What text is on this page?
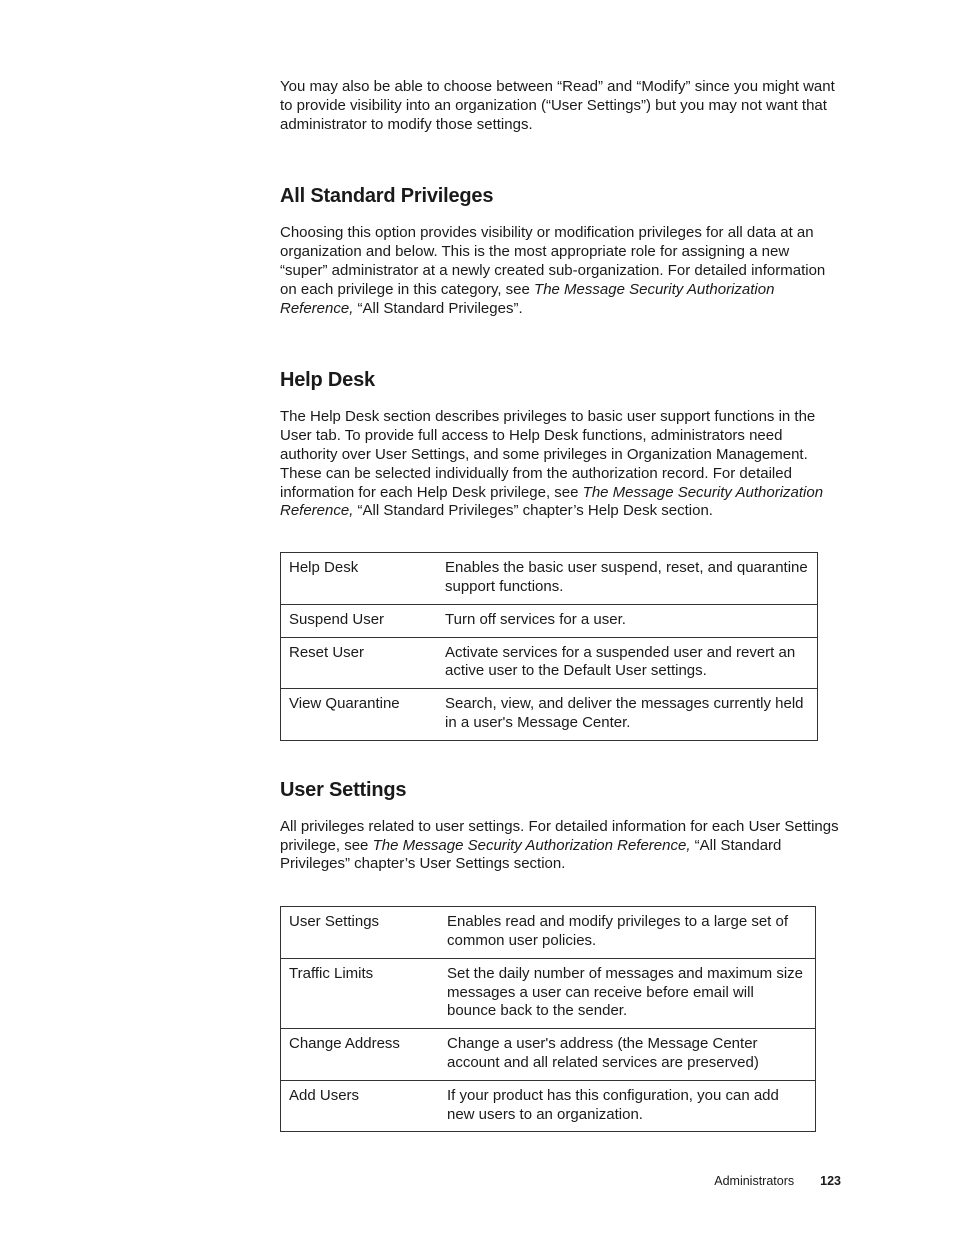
You may also be able to choose between “Read” and “Modify” since you might want to provide visibility into an organization (“User Settings”) but you may not want that administrator to modify those settings.

All Standard Privileges

Choosing this option provides visibility or modification privileges for all data at an organization and below. This is the most appropriate role for assigning a new “super” administrator at a newly created sub-organization. For detailed information on each privilege in this category, see The Message Security Authorization Reference, “All Standard Privileges”.

Help Desk

The Help Desk section describes privileges to basic user support functions in the User tab. To provide full access to Help Desk functions, administrators need authority over User Settings, and some privileges in Organization Management. These can be selected individually from the authorization record. For detailed information for each Help Desk privilege, see The Message Security Authorization Reference, “All Standard Privileges” chapter’s Help Desk section.

Help Desk	Enables the basic user suspend, reset, and quarantine support functions.
Suspend User	Turn off services for a user.
Reset User	Activate services for a suspended user and revert an active user to the Default User settings.
View Quarantine	Search, view, and deliver the messages currently held in a user's Message Center.
User Settings

All privileges related to user settings. For detailed information for each User Settings privilege, see The Message Security Authorization Reference, “All Standard Privileges” chapter’s User Settings section.

User Settings	Enables read and modify privileges to a large set of common user policies.
Traffic Limits	Set the daily number of messages and maximum size messages a user can receive before email will bounce back to the sender.
Change Address	Change a user's address (the Message Center account and all related services are preserved)
Add Users	If your product has this configuration, you can add new users to an organization.
Administrators 123
